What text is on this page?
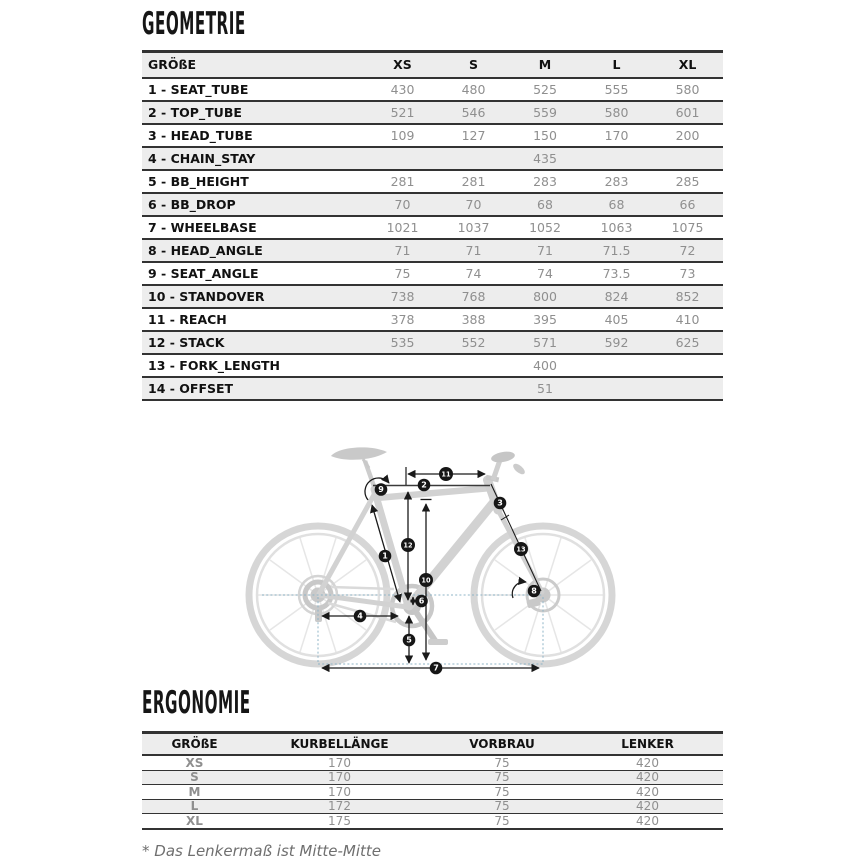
GEOMETRIE
GRÖßE	XS	S	M	L	XL
1 - SEAT_TUBE	430	480	525	555	580
2 - TOP_TUBE	521	546	559	580	601
3 - HEAD_TUBE	109	127	150	170	200
4 - CHAIN_STAY			435		
5 - BB_HEIGHT	281	281	283	283	285
6 - BB_DROP	70	70	68	68	66
7 - WHEELBASE	1021	1037	1052	1063	1075
8 - HEAD_ANGLE	71	71	71	71.5	72
9 - SEAT_ANGLE	75	74	74	73.5	73
10 - STANDOVER	738	768	800	824	852
11 - REACH	378	388	395	405	410
12 - STACK	535	552	571	592	625
13 - FORK_LENGTH			400		
14 - OFFSET			51		
1
2
3
4
5
6
7
8
9
10
11
12	13
ERGONOMIE
GRÖßE	KURBELLÄNGE	VORBRAU	LENKER
XS	170	75	420
S	170	75	420
M	170	75	420
L	172	75	420
XL	175	75	420

* Das Lenkermaß ist Mitte-Mitte
